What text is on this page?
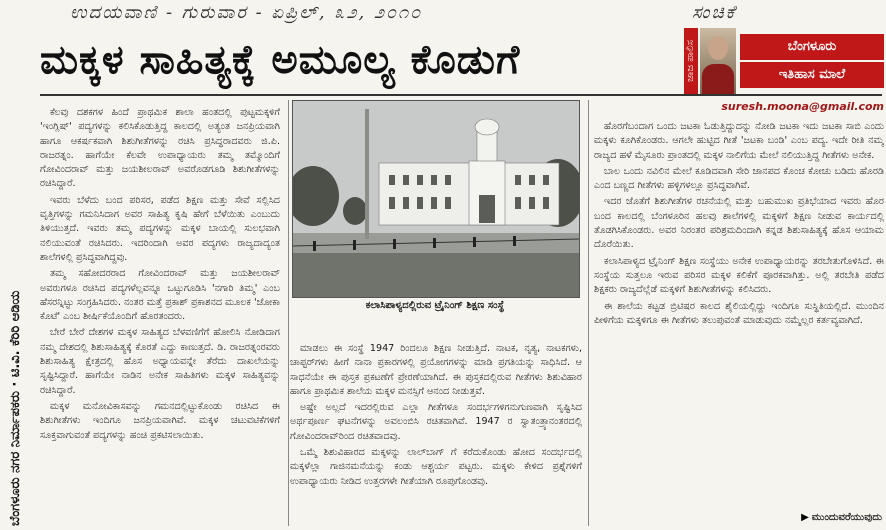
ಉದಯವಾಣಿ - ಗುರುವಾರ - ಏಪ್ರಿಲ್, ೩೨, ೨೦೧೦	ಸಂಚಿಕೆ
ಬೆಂಗಳೂರು ನಗರ ನಿರ್ಮಾಪಕರು · ಟಿ.ವಿ. ಕೆರಿರಿ ಆಡಿಯ
ಮಕ್ಕಳ ಸಾಹಿತ್ಯಕ್ಕೆ ಅಮೂಲ್ಯ ಕೊಡುಗೆ	ಜಾಜ ಪಾಲಿಸ	ಬೆಂಗಳೂರು
ಇತಿಹಾಸ ಮಾಲೆ
suresh.moona@gmail.com

ಕೆಲವು ದಶಕಗಳ ಹಿಂದೆ ಪ್ರಾಥಮಿಕ ಶಾಲಾ ಹಂತದಲ್ಲಿ ಪುಟ್ಟಮಕ್ಕಳಿಗೆ 'ಇಂಗ್ಲಿಷ್' ಪದ್ಯಗಳನ್ನು ಕಲಿಸಿಕೊಡುತ್ತಿದ್ದ ಕಾಲದಲ್ಲಿ ಅತ್ಯಂತ ಜನಪ್ರಿಯವಾಗಿ ಹಾಗೂ ಆಕರ್ಷಕವಾಗಿ ಶಿಶುಗೀತೆಗಳನ್ನು ರಚಿಸಿ ಪ್ರಸಿದ್ಧರಾದವರು ಜಿ.ಪಿ. ರಾಜರತ್ನಂ. ಹಾಗೆಯೇ ಕೆಲವೇ ಉಪಾಧ್ಯಾಯರು ತಮ್ಮ ತಮ್ಮೊಂದಿಗೆ ಗೋವಿಂದರಾವ್ ಮತ್ತು ಜಯಶೀಲರಾವ್ ಅವರೊಡಗೂಡಿ ಶಿಶುಗೀತೆಗಳನ್ನು ರಚಿಸಿದ್ದಾರೆ.

ಇವರು ಬೆಳೆದು ಬಂದ ಪರಿಸರ, ಪಡೆದ ಶಿಕ್ಷಣ ಮತ್ತು ಸೇವೆ ಸಲ್ಲಿಸಿದ ವೃತ್ತಿಗಳನ್ನು ಗಮನಿಸಿದಾಗ ಅವರ ಸಾಹಿತ್ಯ ಕೃಷಿ ಹೇಗೆ ಬೆಳೆಯಿತು ಎಂಬುದು ತಿಳಿಯುತ್ತದೆ. ಇವರು ತಮ್ಮ ಪದ್ಯಗಳನ್ನು ಮಕ್ಕಳ ಬಾಯಲ್ಲಿ ಸುಲಭವಾಗಿ ನಲಿಯುವಂತೆ ರಚಿಸಿದರು. ಇದರಿಂದಾಗಿ ಅವರ ಪದ್ಯಗಳು ರಾಜ್ಯದಾದ್ಯಂತ ಶಾಲೆಗಳಲ್ಲಿ ಪ್ರಸಿದ್ಧವಾಗಿದ್ದವು.

ತಮ್ಮ ಸಹೋದರರಾದ ಗೋವಿಂದರಾವ್ ಮತ್ತು ಜಯಶೀಲರಾವ್ ಅವರುಗಳೂ ರಚಿಸಿದ ಪದ್ಯಗಳೆಲ್ಲವನ್ನೂ ಒಟ್ಟುಗೂಡಿಸಿ 'ನಗಾರಿ ತಿಮ್ಮ' ಎಂಬ ಹೆಸರನ್ನಿಟ್ಟು ಸಂಗ್ರಹಿಸಿದರು. ನಂತರ ಮತ್ತೆ ಪ್ರಕಾಶ್ ಪ್ರಕಾಶನದ ಮೂಲಕ 'ಜೋಕಾ ಕೊಟೆ' ಎಂಬ ಶೀರ್ಷಿಕೆಯೊಂದಿಗೆ ಹೊರತಂದರು.

ಬೇರೆ ಬೇರೆ ದೇಶಗಳ ಮಕ್ಕಳ ಸಾಹಿತ್ಯದ ಬೆಳವಣಿಗೆಗೆ ಹೋಲಿಸಿ ನೋಡಿದಾಗ ನಮ್ಮ ದೇಶದಲ್ಲಿ ಶಿಶುಸಾಹಿತ್ಯಕ್ಕೆ ಕೊರತೆ ಎದ್ದು ಕಾಣುತ್ತದೆ. ಡಿ. ರಾಜರತ್ನಂರವರು ಶಿಶುಸಾಹಿತ್ಯ ಕ್ಷೇತ್ರದಲ್ಲಿ ಹೊಸ ಅಧ್ಯಾಯವನ್ನೇ ತೆರೆದು ದಾಖಲೆಯನ್ನು ಸೃಷ್ಟಿಸಿದ್ದಾರೆ. ಹಾಗೆಯೇ ನಾಡಿನ ಅನೇಕ ಸಾಹಿತಿಗಳು ಮಕ್ಕಳ ಸಾಹಿತ್ಯವನ್ನು ರಚಿಸಿದ್ದಾರೆ.

ಮಕ್ಕಳ ಮನೋವಿಕಾಸವನ್ನು ಗಮನದಲ್ಲಿಟ್ಟುಕೊಂಡು ರಚಿಸಿದ ಈ ಶಿಶುಗೀತೆಗಳು ಇಂದಿಗೂ ಜನಪ್ರಿಯವಾಗಿವೆ. ಮಕ್ಕಳ ಚಟುವಟಿಕೆಗಳಿಗೆ ಸೂಕ್ತವಾಗುವಂತೆ ಪದ್ಯಗಳನ್ನು ಹಂಚಿ ಪ್ರಕಟಿಸಲಾಯಿತು.

ಕಲಾಸಿಪಾಳ್ಯದಲ್ಲಿರುವ ಟ್ರೈನಿಂಗ್ ಶಿಕ್ಷಣ ಸಂಸ್ಥೆ

ಮಾಡಲು ಈ ಸಂಸ್ಥೆ 1947 ರಿಂದಲೂ ಶಿಕ್ಷಣ ನೀಡುತ್ತಿದೆ. ನಾಟಕ, ನೃತ್ಯ, ನಾಟಕಗಳು, ಚಾಪ್ಟರ್‌ಗಳು ಹೀಗೆ ನಾನಾ ಪ್ರಕಾರಗಳಲ್ಲಿ ಪ್ರಯೋಗಗಳನ್ನು ಮಾಡಿ ಪ್ರಗತಿಯನ್ನು ಸಾಧಿಸಿದೆ. ಆ ಸಾಧನೆಯೇ ಈ ಪುಸ್ತಕ ಪ್ರಕಟಣೆಗೆ ಪ್ರೇರಣೆಯಾಗಿದೆ. ಈ ಪುಸ್ತಕದಲ್ಲಿರುವ ಗೀತೆಗಳು ಶಿಶುವಿಹಾರ ಹಾಗೂ ಪ್ರಾಥಮಿಕ ಶಾಲೆಯ ಮಕ್ಕಳ ಮನಸ್ಸಿಗೆ ಆನಂದ ನೀಡುತ್ತವೆ.

ಅಷ್ಟೇ ಅಲ್ಲದೆ ಇದರಲ್ಲಿರುವ ಎಲ್ಲಾ ಗೀತೆಗಳೂ ಸಂದರ್ಭಗಳಿಗನುಗುಣವಾಗಿ ಸೃಷ್ಟಿಸಿದ ಅರ್ಥಪೂರ್ಣ ಘಟನೆಗಳನ್ನು ಅವಲಂಬಿಸಿ ರಚಿತವಾಗಿವೆ. 1947 ರ ಸ್ವಾತಂತ್ರ್ಯಾನಂತರದಲ್ಲಿ ಗೋವಿಂದರಾವ್‌ರಿಂದ ರಚಿತವಾದವು.

ಒಮ್ಮೆ ಶಿಶುವಿಹಾರದ ಮಕ್ಕಳನ್ನು ಲಾಲ್‌ಬಾಗ್ ಗೆ ಕರೆದುಕೊಂಡು ಹೋದ ಸಂದರ್ಭದಲ್ಲಿ ಮಕ್ಕಳೆಲ್ಲಾ ಗಾಜಿನಮನೆಯನ್ನು ಕಂಡು ಆಶ್ಚರ್ಯ ಪಟ್ಟರು. ಮಕ್ಕಳು ಕೇಳಿದ ಪ್ರಶ್ನೆಗಳಿಗೆ ಉಪಾಧ್ಯಾಯರು ನೀಡಿದ ಉತ್ತರಗಳೇ ಗೀತೆಯಾಗಿ ರೂಪುಗೊಂಡವು.

ಹೊರಗೆಬಂದಾಗ ಒಂದು ಜಟಕಾ ಓಡುತ್ತಿದ್ದುದನ್ನು ನೋಡಿ ಜಟಕಾ ಇದು ಜಟಕಾ ಸಾಬಿ ಎಂದು ಮಕ್ಕಳು ಕೂಗಿಕೊಂಡರು. ಆಗಲೇ ಹುಟ್ಟಿದ ಗೀತೆ 'ಜಟಕಾ ಬಂಡಿ' ಎಂಬ ಪದ್ಯ. ಇದೇ ರೀತಿ ನಮ್ಮ ರಾಜ್ಯದ ಹಳೆ ಮೈಸೂರು ಪ್ರಾಂತದಲ್ಲಿ ಮಕ್ಕಳ ನಾಲಿಗೆಯ ಮೇಲೆ ನಲಿಯುತ್ತಿದ್ದ ಗೀತೆಗಳು ಅನೇಕ.

ಬಾಲ ಒಂದು ನವಿಲಿನ ಮೇಲೆ ಕೂಡಿದವಾಗಿ ಸೇರಿ ಜಾನಪದ ಕೊಂಚ ಕೋಚು ಬಡಿದು ಹೊರಡಿ ಎಂದ ಬಣ್ಣದ ಗೀತೆಗಳು ಹಳ್ಳಿಗಳಲ್ಲೂ ಪ್ರಸಿದ್ಧವಾಗಿವೆ.

ಇದರ ಜೊತೆಗೆ ಶಿಶುಗೀತೆಗಳ ರಚನೆಯಲ್ಲಿ ಮತ್ತು ಬಹುಮುಖ ಪ್ರತಿಭೆಯಾದ ಇವರು ಹೊರ ಬಂದ ಕಾಲದಲ್ಲಿ ಬೆಂಗಳೂರಿನ ಹಲವು ಶಾಲೆಗಳಲ್ಲಿ ಮಕ್ಕಳಿಗೆ ಶಿಕ್ಷಣ ನೀಡುವ ಕಾರ್ಯದಲ್ಲಿ ತೊಡಗಿಸಿಕೊಂಡರು. ಅವರ ನಿರಂತರ ಪರಿಶ್ರಮದಿಂದಾಗಿ ಕನ್ನಡ ಶಿಶುಸಾಹಿತ್ಯಕ್ಕೆ ಹೊಸ ಆಯಾಮ ದೊರೆಯಿತು.

ಕಲಾಸಿಪಾಳ್ಯದ ಟ್ರೈನಿಂಗ್ ಶಿಕ್ಷಣ ಸಂಸ್ಥೆಯು ಅನೇಕ ಉಪಾಧ್ಯಾಯರನ್ನು ತರಬೇತುಗೊಳಿಸಿದೆ. ಈ ಸಂಸ್ಥೆಯ ಸುತ್ತಲೂ ಇರುವ ಪರಿಸರ ಮಕ್ಕಳ ಕಲಿಕೆಗೆ ಪೂರಕವಾಗಿತ್ತು. ಅಲ್ಲಿ ತರಬೇತಿ ಪಡೆದ ಶಿಕ್ಷಕರು ರಾಜ್ಯದೆಲ್ಲೆಡೆ ಮಕ್ಕಳಿಗೆ ಶಿಶುಗೀತೆಗಳನ್ನು ಕಲಿಸಿದರು.

ಈ ಶಾಲೆಯ ಕಟ್ಟಡ ಬ್ರಿಟಿಷರ ಕಾಲದ ಶೈಲಿಯಲ್ಲಿದ್ದು ಇಂದಿಗೂ ಸುಸ್ಥಿತಿಯಲ್ಲಿದೆ. ಮುಂದಿನ ಪೀಳಿಗೆಯ ಮಕ್ಕಳಿಗೂ ಈ ಗೀತೆಗಳು ತಲುಪುವಂತೆ ಮಾಡುವುದು ನಮ್ಮೆಲ್ಲರ ಕರ್ತವ್ಯವಾಗಿದೆ.

▶ ಮುಂದುವರೆಯುವುದು
